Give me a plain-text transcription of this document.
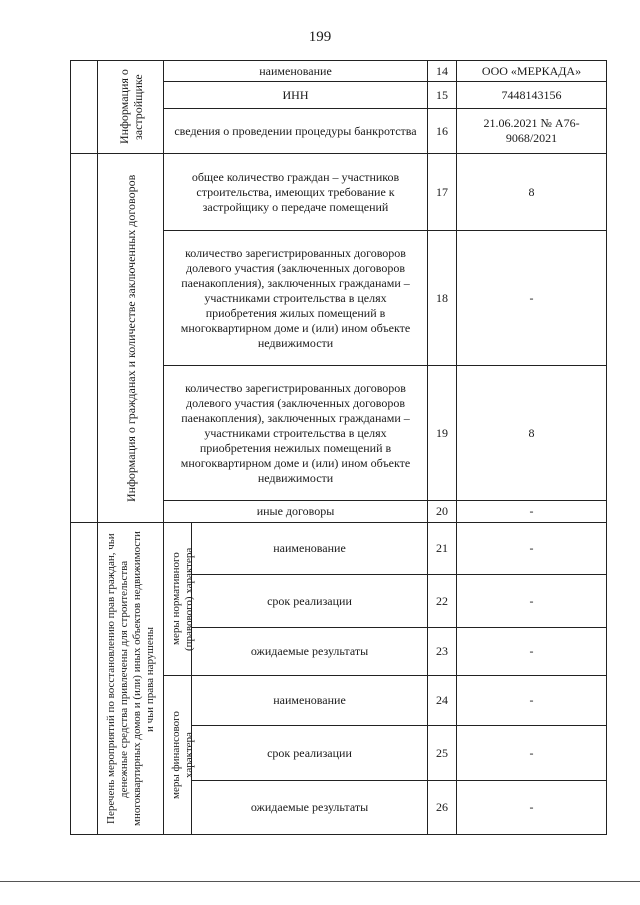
199

	Информация о застройщике	наименование		14	ООО «МЕРКАДА»
		ИНН		15	7448143156
		сведения о проведении процедуры банкротства		16	21.06.2021 № А76-9068/2021

	Информация о гражданах и количестве заключенных договоров	общее количество граждан – участников строительства, имеющих требование к застройщику о передаче помещений		17	8
		количество зарегистрированных договоров долевого участия (заключенных договоров паенакопления), заключенных гражданами – участниками строительства в целях приобретения жилых помещений в многоквартирном доме и (или) ином объекте недвижимости		18	-
		количество зарегистрированных договоров долевого участия (заключенных договоров паенакопления), заключенных гражданами – участниками строительства в целях приобретения нежилых помещений в многоквартирном доме и (или) ином объекте недвижимости		19	8
		иные договоры		20	-

	Перечень мероприятий по восстановлению прав граждан, чьи денежные средства привлечены для строительства многоквартирных домов и (или) иных объектов недвижимости и чьи права нарушены	меры нормативного (правового) характера	наименование	21	-
			срок реализации	22	-
			ожидаемые результаты	23	-

		меры финансового характера	наименование	24	-
			срок реализации	25	-
			ожидаемые результаты	26	-
